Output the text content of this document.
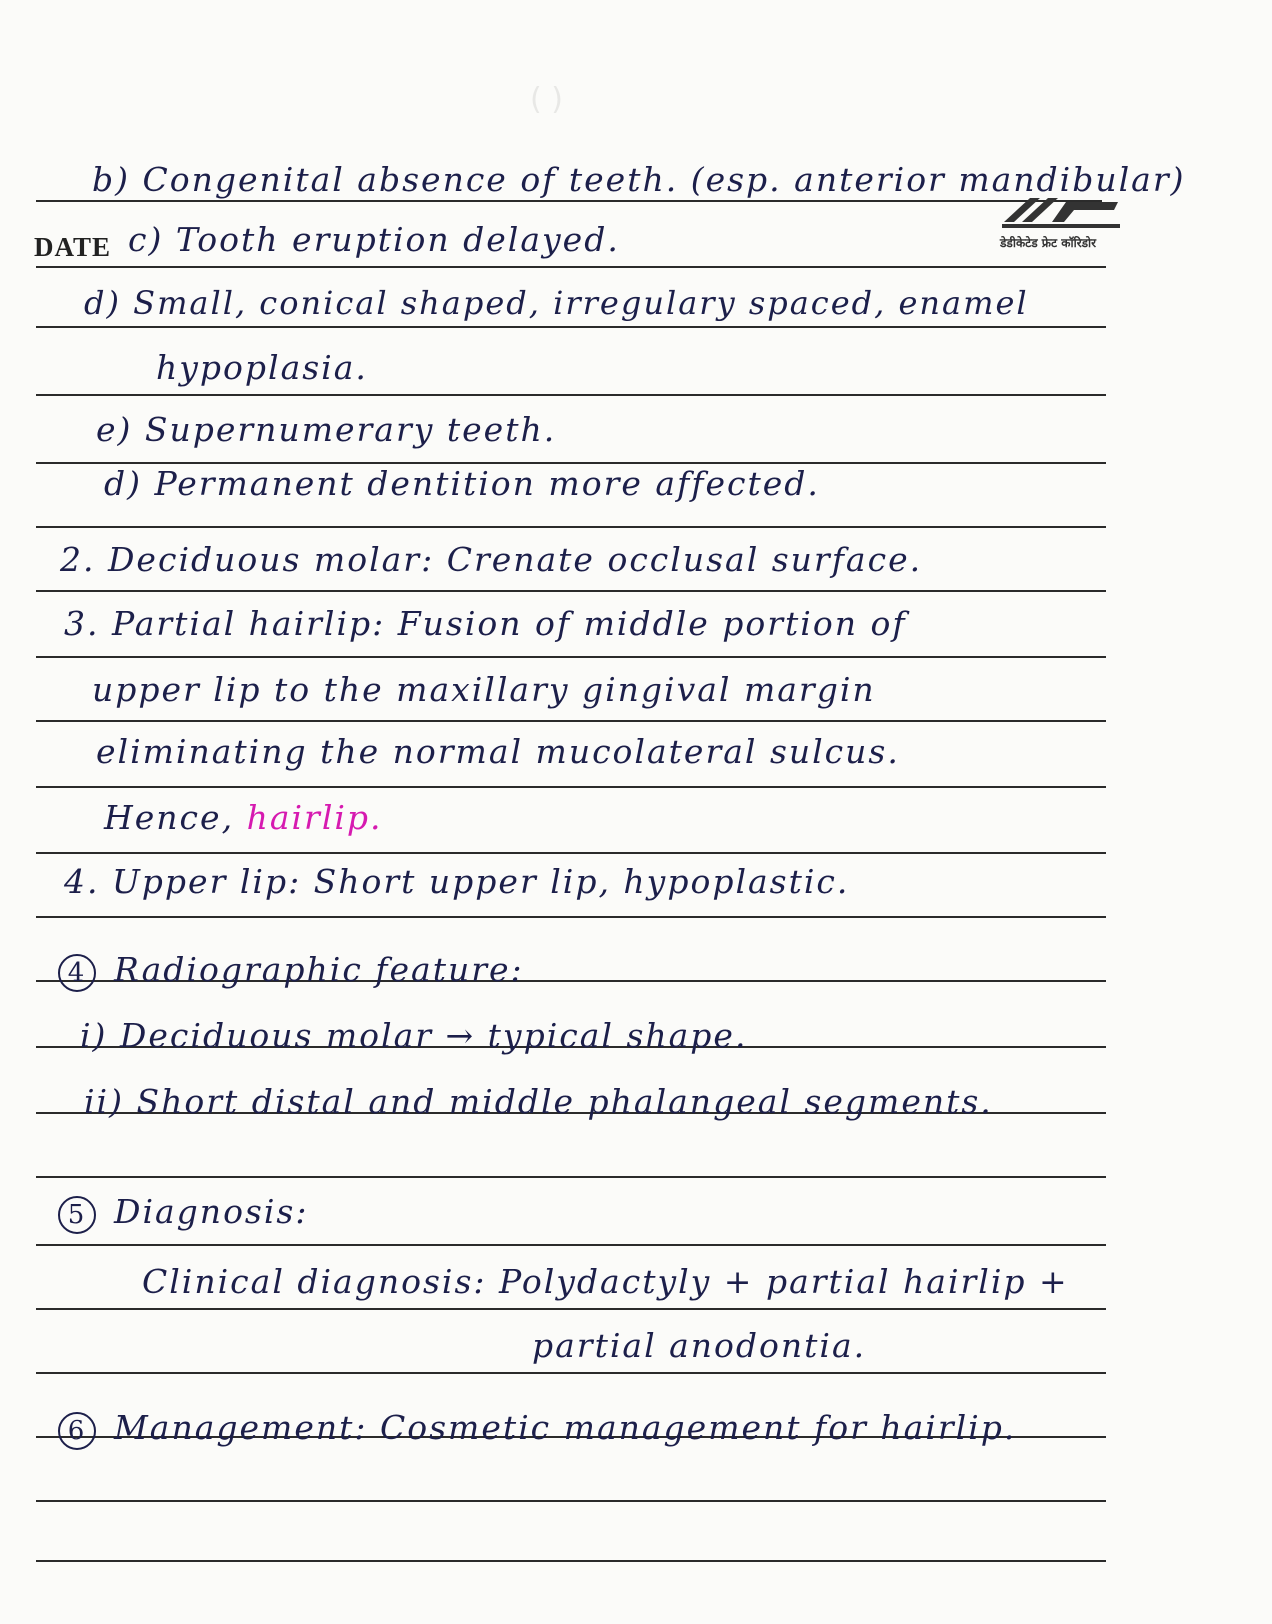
( )
DATE	डेडीकेटेड फ्रेट कॉरिडोर
b) Congenital absence of teeth. (esp. anterior mandibular)
c) Tooth eruption delayed.
d) Small, conical shaped, irregulary spaced, enamel
hypoplasia.
e) Supernumerary teeth.
d) Permanent dentition more affected.
2. Deciduous molar: Crenate occlusal surface.
3. Partial hairlip: Fusion of middle portion of
upper lip to the maxillary gingival margin
eliminating the normal mucolateral sulcus.
Hence, hairlip.
4. Upper lip: Short upper lip, hypoplastic.
4 Radiographic feature:
i) Deciduous molar → typical shape.
ii) Short distal and middle phalangeal segments.
5 Diagnosis:
Clinical diagnosis: Polydactyly + partial hairlip +
partial anodontia.
6 Management: Cosmetic management for hairlip.
